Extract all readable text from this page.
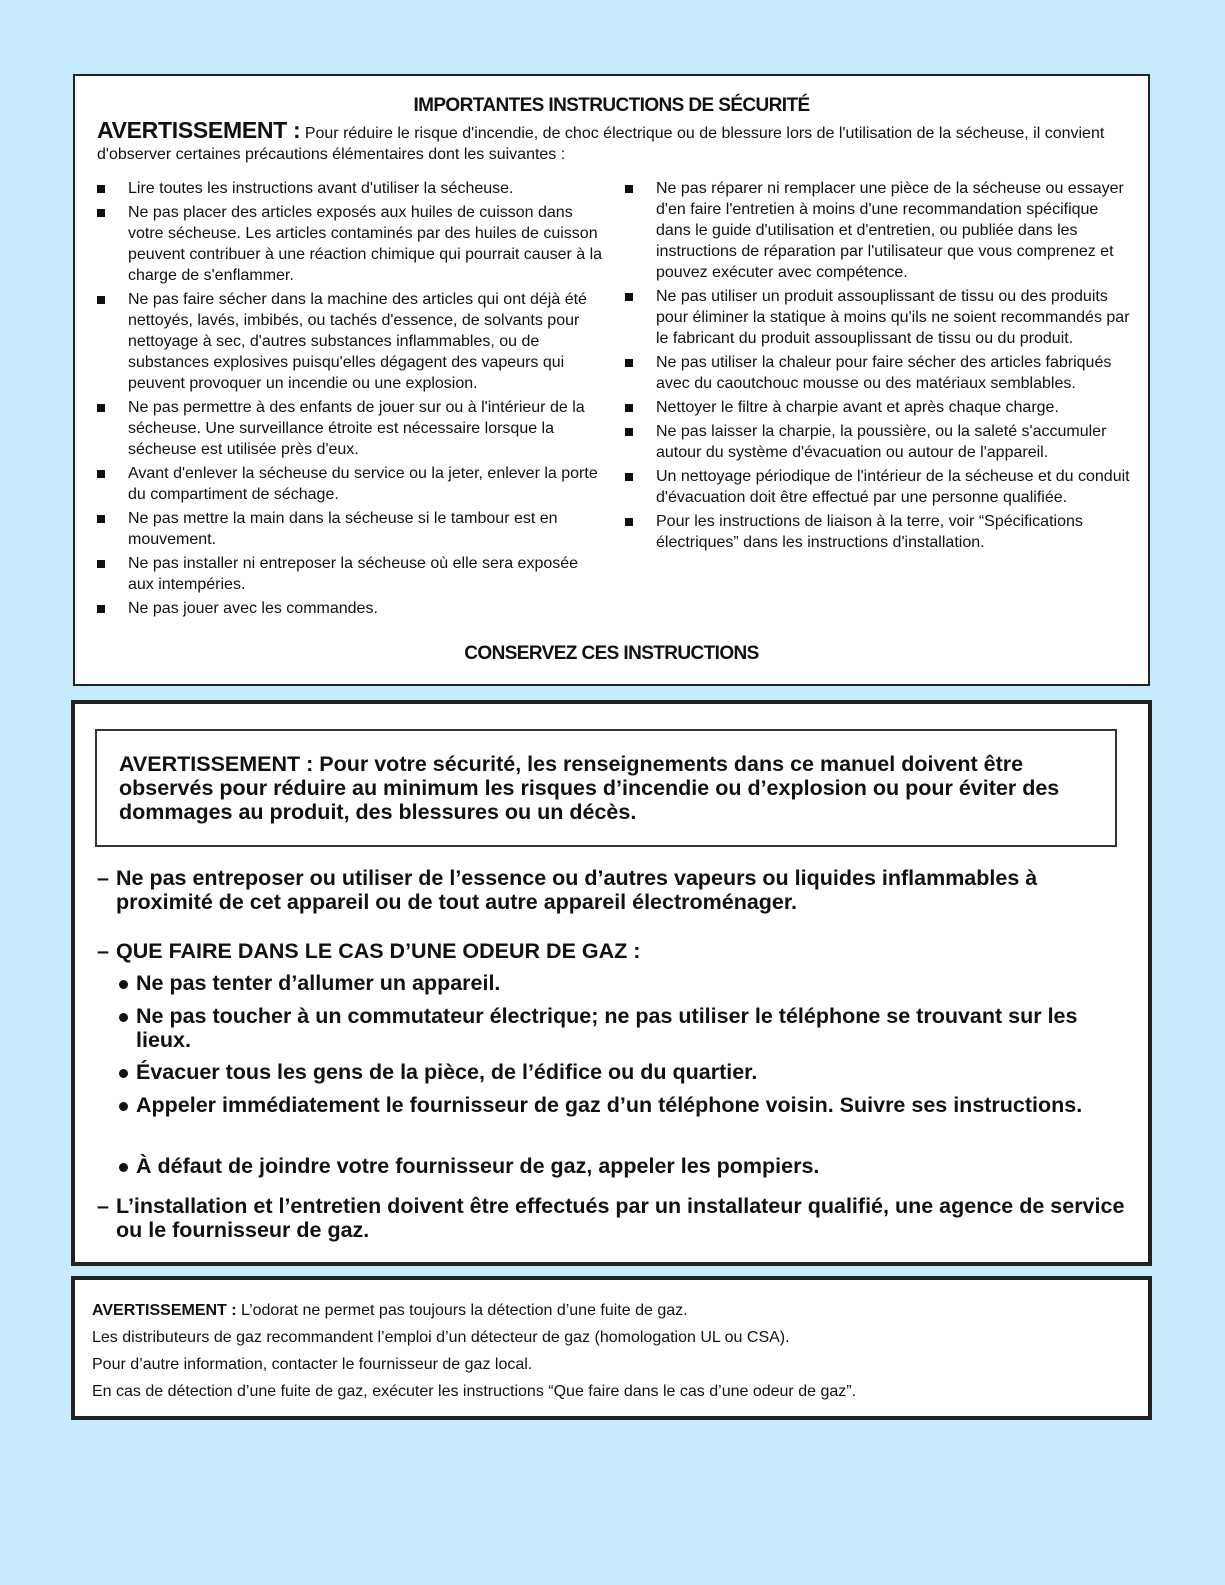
IMPORTANTES INSTRUCTIONS DE SÉCURITÉ
AVERTISSEMENT : Pour réduire le risque d'incendie, de choc électrique ou de blessure lors de l'utilisation de la sécheuse, il convient d'observer certaines précautions élémentaires dont les suivantes :
Lire toutes les instructions avant d'utiliser la sécheuse.
Ne pas placer des articles exposés aux huiles de cuisson dans votre sécheuse. Les articles contaminés par des huiles de cuisson peuvent contribuer à une réaction chimique qui pourrait causer à la charge de s'enflammer.
Ne pas faire sécher dans la machine des articles qui ont déjà été nettoyés, lavés, imbibés, ou tachés d'essence, de solvants pour nettoyage à sec, d'autres substances inflammables, ou de substances explosives puisqu'elles dégagent des vapeurs qui peuvent provoquer un incendie ou une explosion.
Ne pas permettre à des enfants de jouer sur ou à l'intérieur de la sécheuse. Une surveillance étroite est nécessaire lorsque la sécheuse est utilisée près d'eux.
Avant d'enlever la sécheuse du service ou la jeter, enlever la porte du compartiment de séchage.
Ne pas mettre la main dans la sécheuse si le tambour est en mouvement.
Ne pas installer ni entreposer la sécheuse où elle sera exposée aux intempéries.
Ne pas jouer avec les commandes.
Ne pas réparer ni remplacer une pièce de la sécheuse ou essayer d'en faire l'entretien à moins d'une recommandation spécifique dans le guide d'utilisation et d'entretien, ou publiée dans les instructions de réparation par l'utilisateur que vous comprenez et pouvez exécuter avec compétence.
Ne pas utiliser un produit assouplissant de tissu ou des produits pour éliminer la statique à moins qu'ils ne soient recommandés par le fabricant du produit assouplissant de tissu ou du produit.
Ne pas utiliser la chaleur pour faire sécher des articles fabriqués avec du caoutchouc mousse ou des matériaux semblables.
Nettoyer le filtre à charpie avant et après chaque charge.
Ne pas laisser la charpie, la poussière, ou la saleté s'accumuler autour du système d'évacuation ou autour de l'appareil.
Un nettoyage périodique de l'intérieur de la sécheuse et du conduit d'évacuation doit être effectué par une personne qualifiée.
Pour les instructions de liaison à la terre, voir “Spécifications électriques” dans les instructions d'installation.
CONSERVEZ CES INSTRUCTIONS
AVERTISSEMENT : Pour votre sécurité, les renseignements dans ce manuel doivent être observés pour réduire au minimum les risques d’incendie ou d’explosion ou pour éviter des dommages au produit, des blessures ou un décès.
– Ne pas entreposer ou utiliser de l’essence ou d’autres vapeurs ou liquides inflammables à proximité de cet appareil ou de tout autre appareil électroménager.
– QUE FAIRE DANS LE CAS D’UNE ODEUR DE GAZ :
Ne pas tenter d’allumer un appareil.
Ne pas toucher à un commutateur électrique; ne pas utiliser le téléphone se trouvant sur les lieux.
Évacuer tous les gens de la pièce, de l’édifice ou du quartier.
Appeler immédiatement le fournisseur de gaz d’un téléphone voisin. Suivre ses instructions.
À défaut de joindre votre fournisseur de gaz, appeler les pompiers.
– L’installation et l’entretien doivent être effectués par un installateur qualifié, une agence de service ou le fournisseur de gaz.
AVERTISSEMENT : L’odorat ne permet pas toujours la détection d’une fuite de gaz.
Les distributeurs de gaz recommandent l’emploi d’un détecteur de gaz (homologation UL ou CSA).
Pour d’autre information, contacter le fournisseur de gaz local.
En cas de détection d’une fuite de gaz, exécuter les instructions “Que faire dans le cas d’une odeur de gaz”.
